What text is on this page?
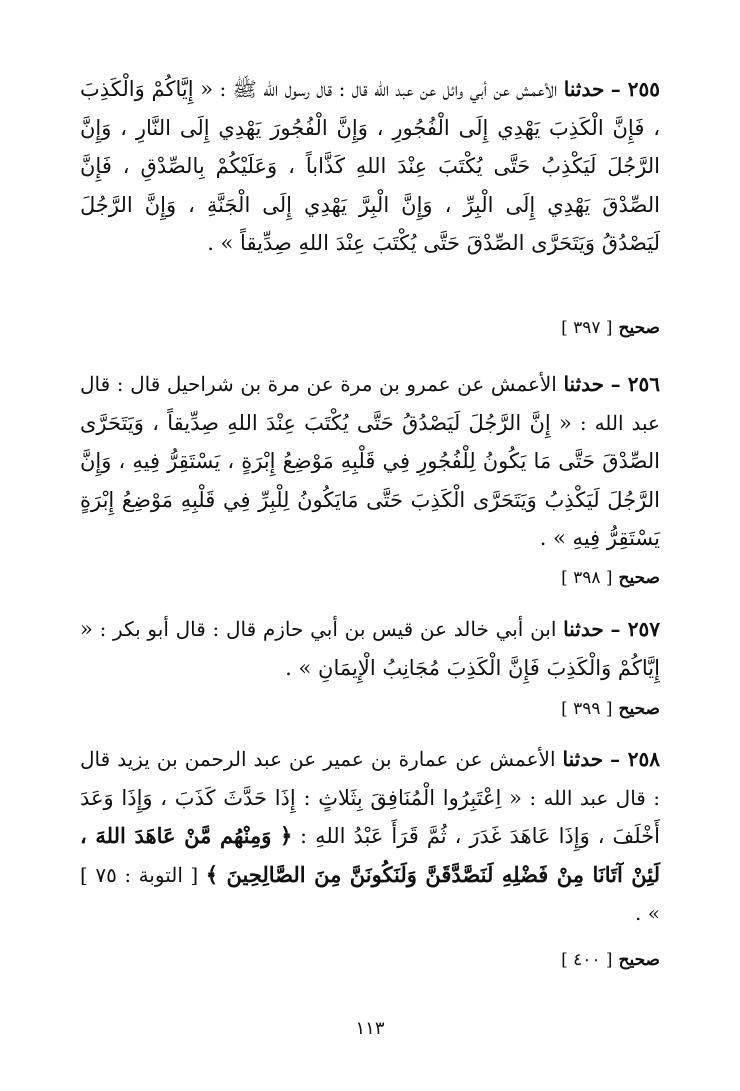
٢٥٥ – حدثنا الأعمش عن أبي وائل عن عبد الله قال : قال رسول الله ﷺ : « إِيَّاكُمْ وَالْكَذِبَ ، فَإِنَّ الْكَذِبَ يَهْدِي إِلَى الْفُجُورِ ، وَإِنَّ الْفُجُورَ يَهْدِي إِلَى النَّارِ ، وَإِنَّ الرَّجُلَ لَيَكْذِبُ حَتَّى يُكْتَبَ عِنْدَ اللهِ كَذَّاباً ، وَعَلَيْكُمْ بِالصِّدْقِ ، فَإِنَّ الصِّدْقَ يَهْدِي إِلَى الْبِرِّ ، وَإِنَّ الْبِرَّ يَهْدِي إِلَى الْجَنَّةِ ، وَإِنَّ الرَّجُلَ لَيَصْدُقُ وَيَتَحَرَّى الصِّدْقَ حَتَّى يُكْتَبَ عِنْدَ اللهِ صِدِّيقاً » .

صحيح [ ٣٩٧ ]

٢٥٦ – حدثنا الأعمش عن عمرو بن مرة عن مرة بن شراحيل قال : قال عبد الله : « إِنَّ الرَّجُلَ لَيَصْدُقُ حَتَّى يُكْتَبَ عِنْدَ اللهِ صِدِّيقاً ، وَيَتَحَرَّى الصِّدْقَ حَتَّى مَا يَكُونُ لِلْفُجُورِ فِي قَلْبِهِ مَوْضِعُ إِبْرَةٍ ، يَسْتَقِرُّ فِيهِ ، وَإِنَّ الرَّجُلَ لَيَكْذِبُ وَيَتَحَرَّى الْكَذِبَ حَتَّى مَايَكُونُ لِلْبِرِّ فِي قَلْبِهِ مَوْضِعُ إِبْرَةٍ يَسْتَقِرُّ فِيهِ » .

صحيح [ ٣٩٨ ]

٢٥٧ – حدثنا ابن أبي خالد عن قيس بن أبي حازم قال : قال أبو بكر : « إِيَّاكُمْ وَالْكَذِبَ فَإِنَّ الْكَذِبَ مُجَانِبُ الْإِيمَانِ » .

صحيح [ ٣٩٩ ]

٢٥٨ – حدثنا الأعمش عن عمارة بن عمير عن عبد الرحمن بن يزيد قال : قال عبد الله : « اِعْتَبِرُوا الْمُنَافِقَ بِثَلاثٍ : إِذَا حَدَّثَ كَذَبَ ، وَإِذَا وَعَدَ أَخْلَفَ ، وَإِذَا عَاهَدَ غَدَرَ ، ثُمَّ قَرَأَ عَبْدُ اللهِ : ﴿ وَمِنْهُم مَّنْ عَاهَدَ اللهَ ، لَئِنْ آتَانَا مِنْ فَضْلِهِ لَنَصَّدَّقَنَّ وَلَنَكُونَنَّ مِنَ الصَّالِحِينَ ﴾ [ التوبة : ٧٥ ] » .

صحيح [ ٤٠٠ ]
١١٣
